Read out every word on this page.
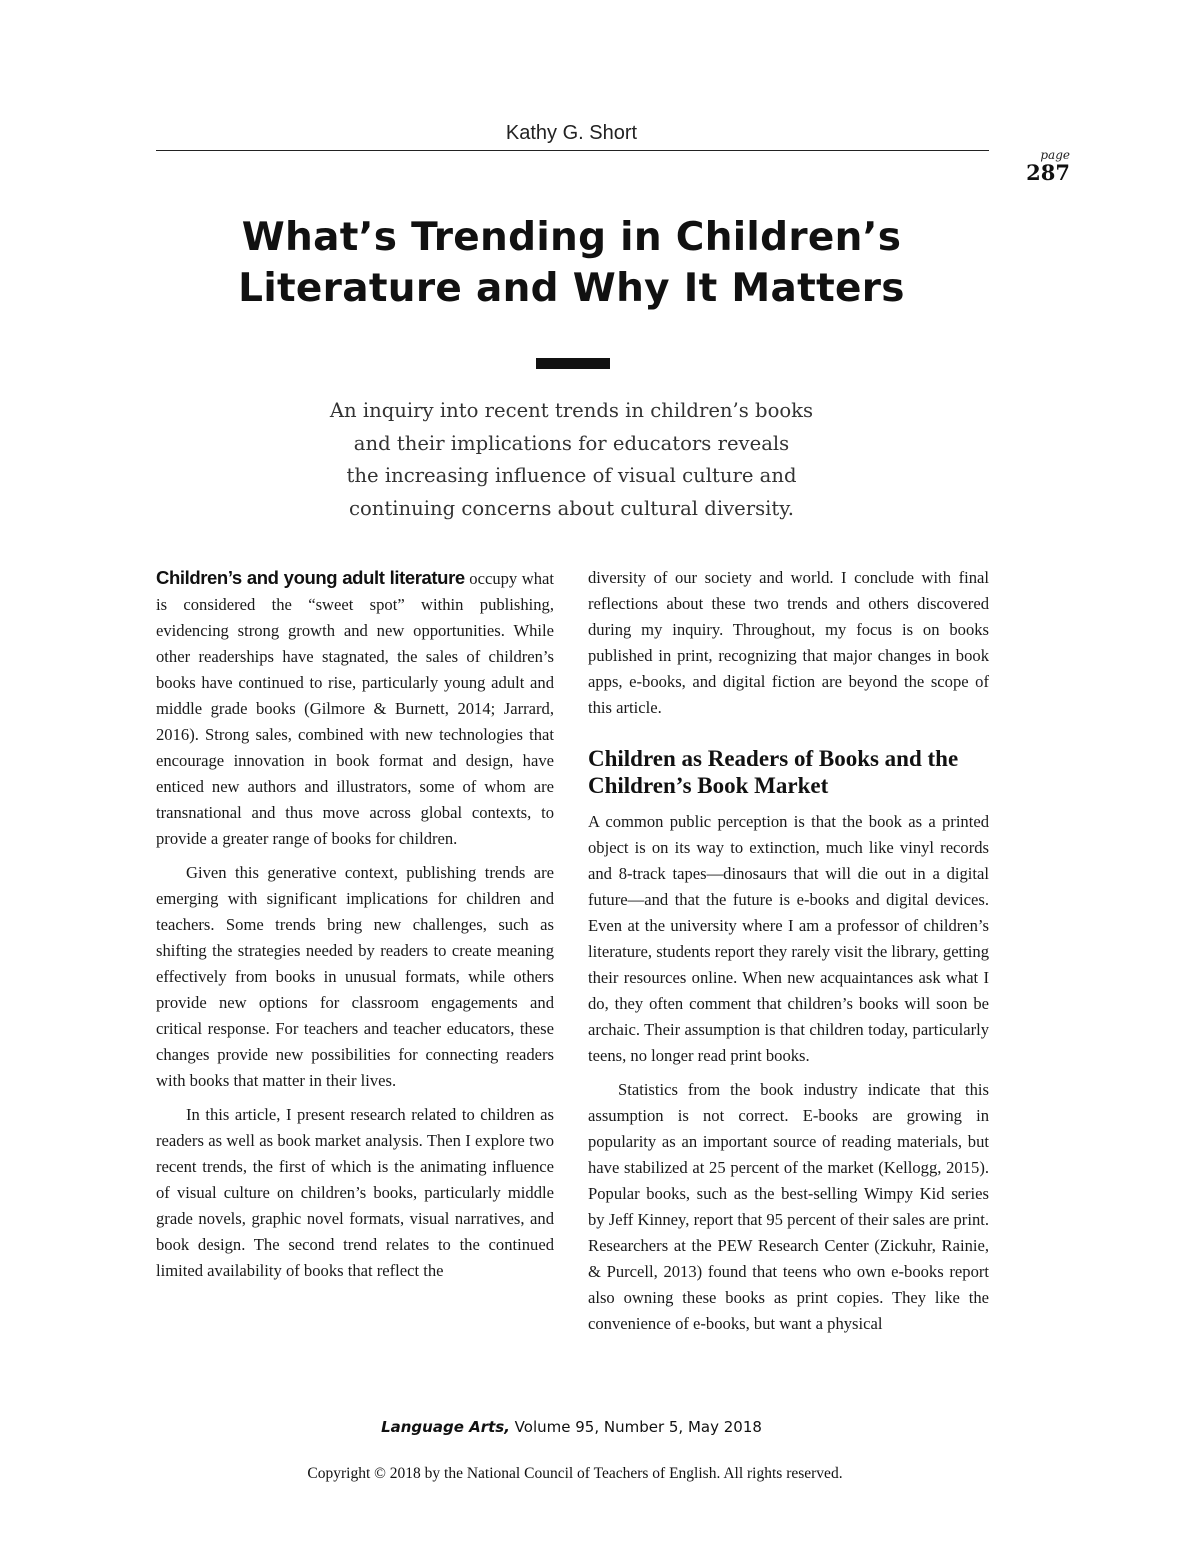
Kathy G. Short
page
287
What’s Trending in Children’s
Literature and Why It Matters
An inquiry into recent trends in children’s books
and their implications for educators reveals
the increasing influence of visual culture and
continuing concerns about cultural diversity.

Children’s and young adult literature occupy what is considered the “sweet spot” within publishing, evidencing strong growth and new opportunities. While other readerships have stagnated, the sales of children’s books have continued to rise, particularly young adult and middle grade books (Gilmore & Burnett, 2014; Jarrard, 2016). Strong sales, combined with new technologies that encourage innovation in book format and design, have enticed new authors and illustrators, some of whom are transnational and thus move across global contexts, to provide a greater range of books for children.

Given this generative context, publishing trends are emerging with significant implications for children and teachers. Some trends bring new challenges, such as shifting the strategies needed by readers to create meaning effectively from books in unusual formats, while others provide new options for classroom engagements and critical response. For teachers and teacher educators, these changes provide new possibilities for connecting readers with books that matter in their lives.

In this article, I present research related to children as readers as well as book market analysis. Then I explore two recent trends, the first of which is the animating influence of visual culture on children’s books, particularly middle grade novels, graphic novel formats, visual narratives, and book design. The second trend relates to the continued limited availability of books that reflect the

diversity of our society and world. I conclude with final reflections about these two trends and others discovered during my inquiry. Throughout, my focus is on books published in print, recognizing that major changes in book apps, e-books, and digital fiction are beyond the scope of this article.

Children as Readers of Books and the Children’s Book Market

A common public perception is that the book as a printed object is on its way to extinction, much like vinyl records and 8-track tapes—dinosaurs that will die out in a digital future—and that the future is e-books and digital devices. Even at the university where I am a professor of children’s literature, students report they rarely visit the library, getting their resources online. When new acquaintances ask what I do, they often comment that children’s books will soon be archaic. Their assumption is that children today, particularly teens, no longer read print books.

Statistics from the book industry indicate that this assumption is not correct. E-books are growing in popularity as an important source of reading materials, but have stabilized at 25 percent of the market (Kellogg, 2015). Popular books, such as the best-selling Wimpy Kid series by Jeff Kinney, report that 95 percent of their sales are print. Researchers at the PEW Research Center (Zickuhr, Rainie, & Purcell, 2013) found that teens who own e-books report also owning these books as print copies. They like the convenience of e-books, but want a physical

Language Arts, Volume 95, Number 5, May 2018
Copyright © 2018 by the National Council of Teachers of English. All rights reserved.
